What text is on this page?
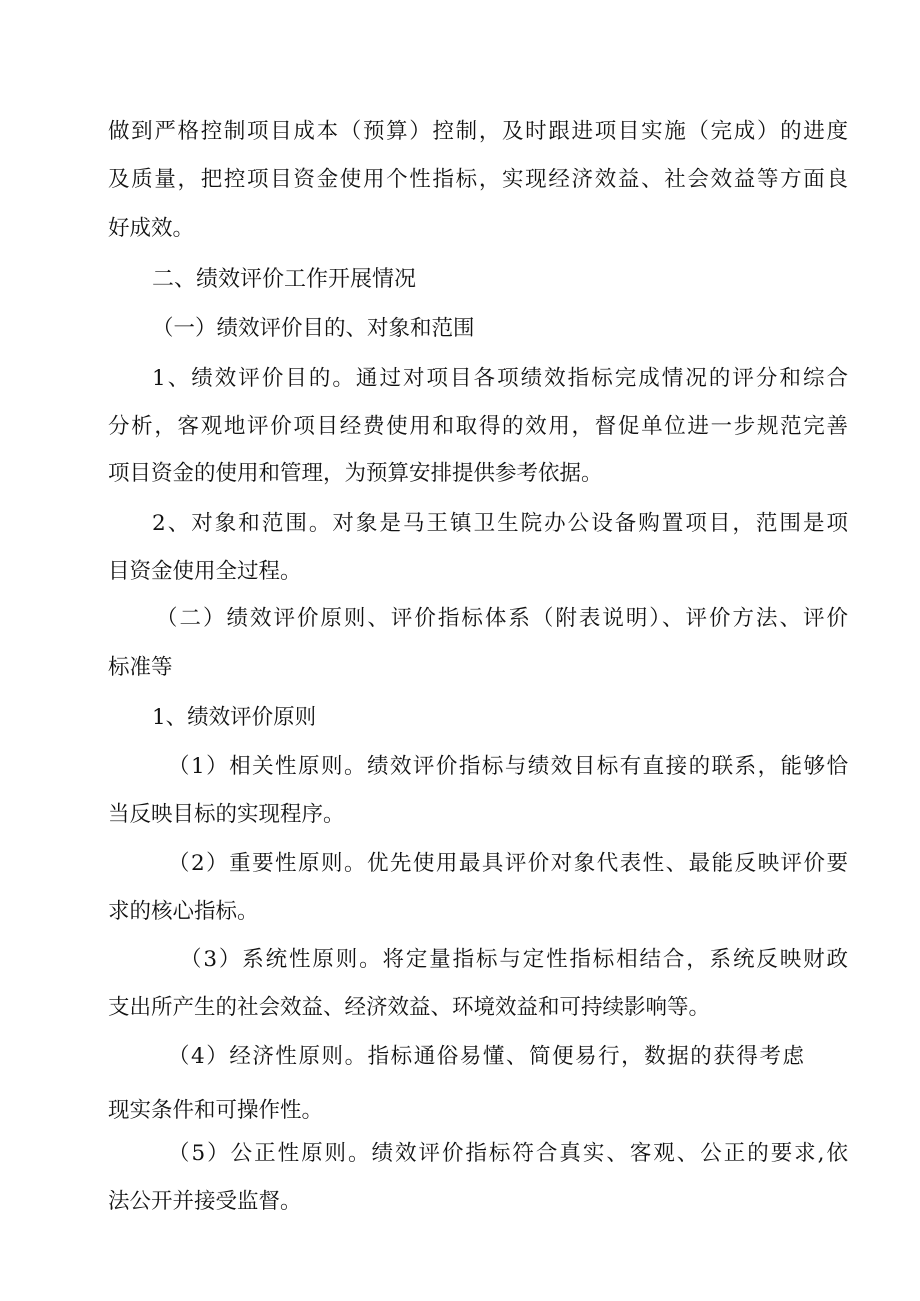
做到严格控制项目成本（预算）控制，及时跟进项目实施（完成）的进度
及质量，把控项目资金使用个性指标，实现经济效益、社会效益等方面良
好成效。
二、绩效评价工作开展情况
（一）绩效评价目的、对象和范围
1、绩效评价目的。通过对项目各项绩效指标完成情况的评分和综合
分析，客观地评价项目经费使用和取得的效用，督促单位进一步规范完善
项目资金的使用和管理，为预算安排提供参考依据。
2、对象和范围。对象是马王镇卫生院办公设备购置项目，范围是项
目资金使用全过程。
（二）绩效评价原则、评价指标体系（附表说明）、评价方法、评价
标准等
1、绩效评价原则
（1）相关性原则。绩效评价指标与绩效目标有直接的联系，能够恰
当反映目标的实现程序。
（2）重要性原则。优先使用最具评价对象代表性、最能反映评价要
求的核心指标。
（3）系统性原则。将定量指标与定性指标相结合，系统反映财政
支出所产生的社会效益、经济效益、环境效益和可持续影响等。
（4）经济性原则。指标通俗易懂、简便易行，数据的获得考虑
现实条件和可操作性。
（5）公正性原则。绩效评价指标符合真实、客观、公正的要求,依
法公开并接受监督。
